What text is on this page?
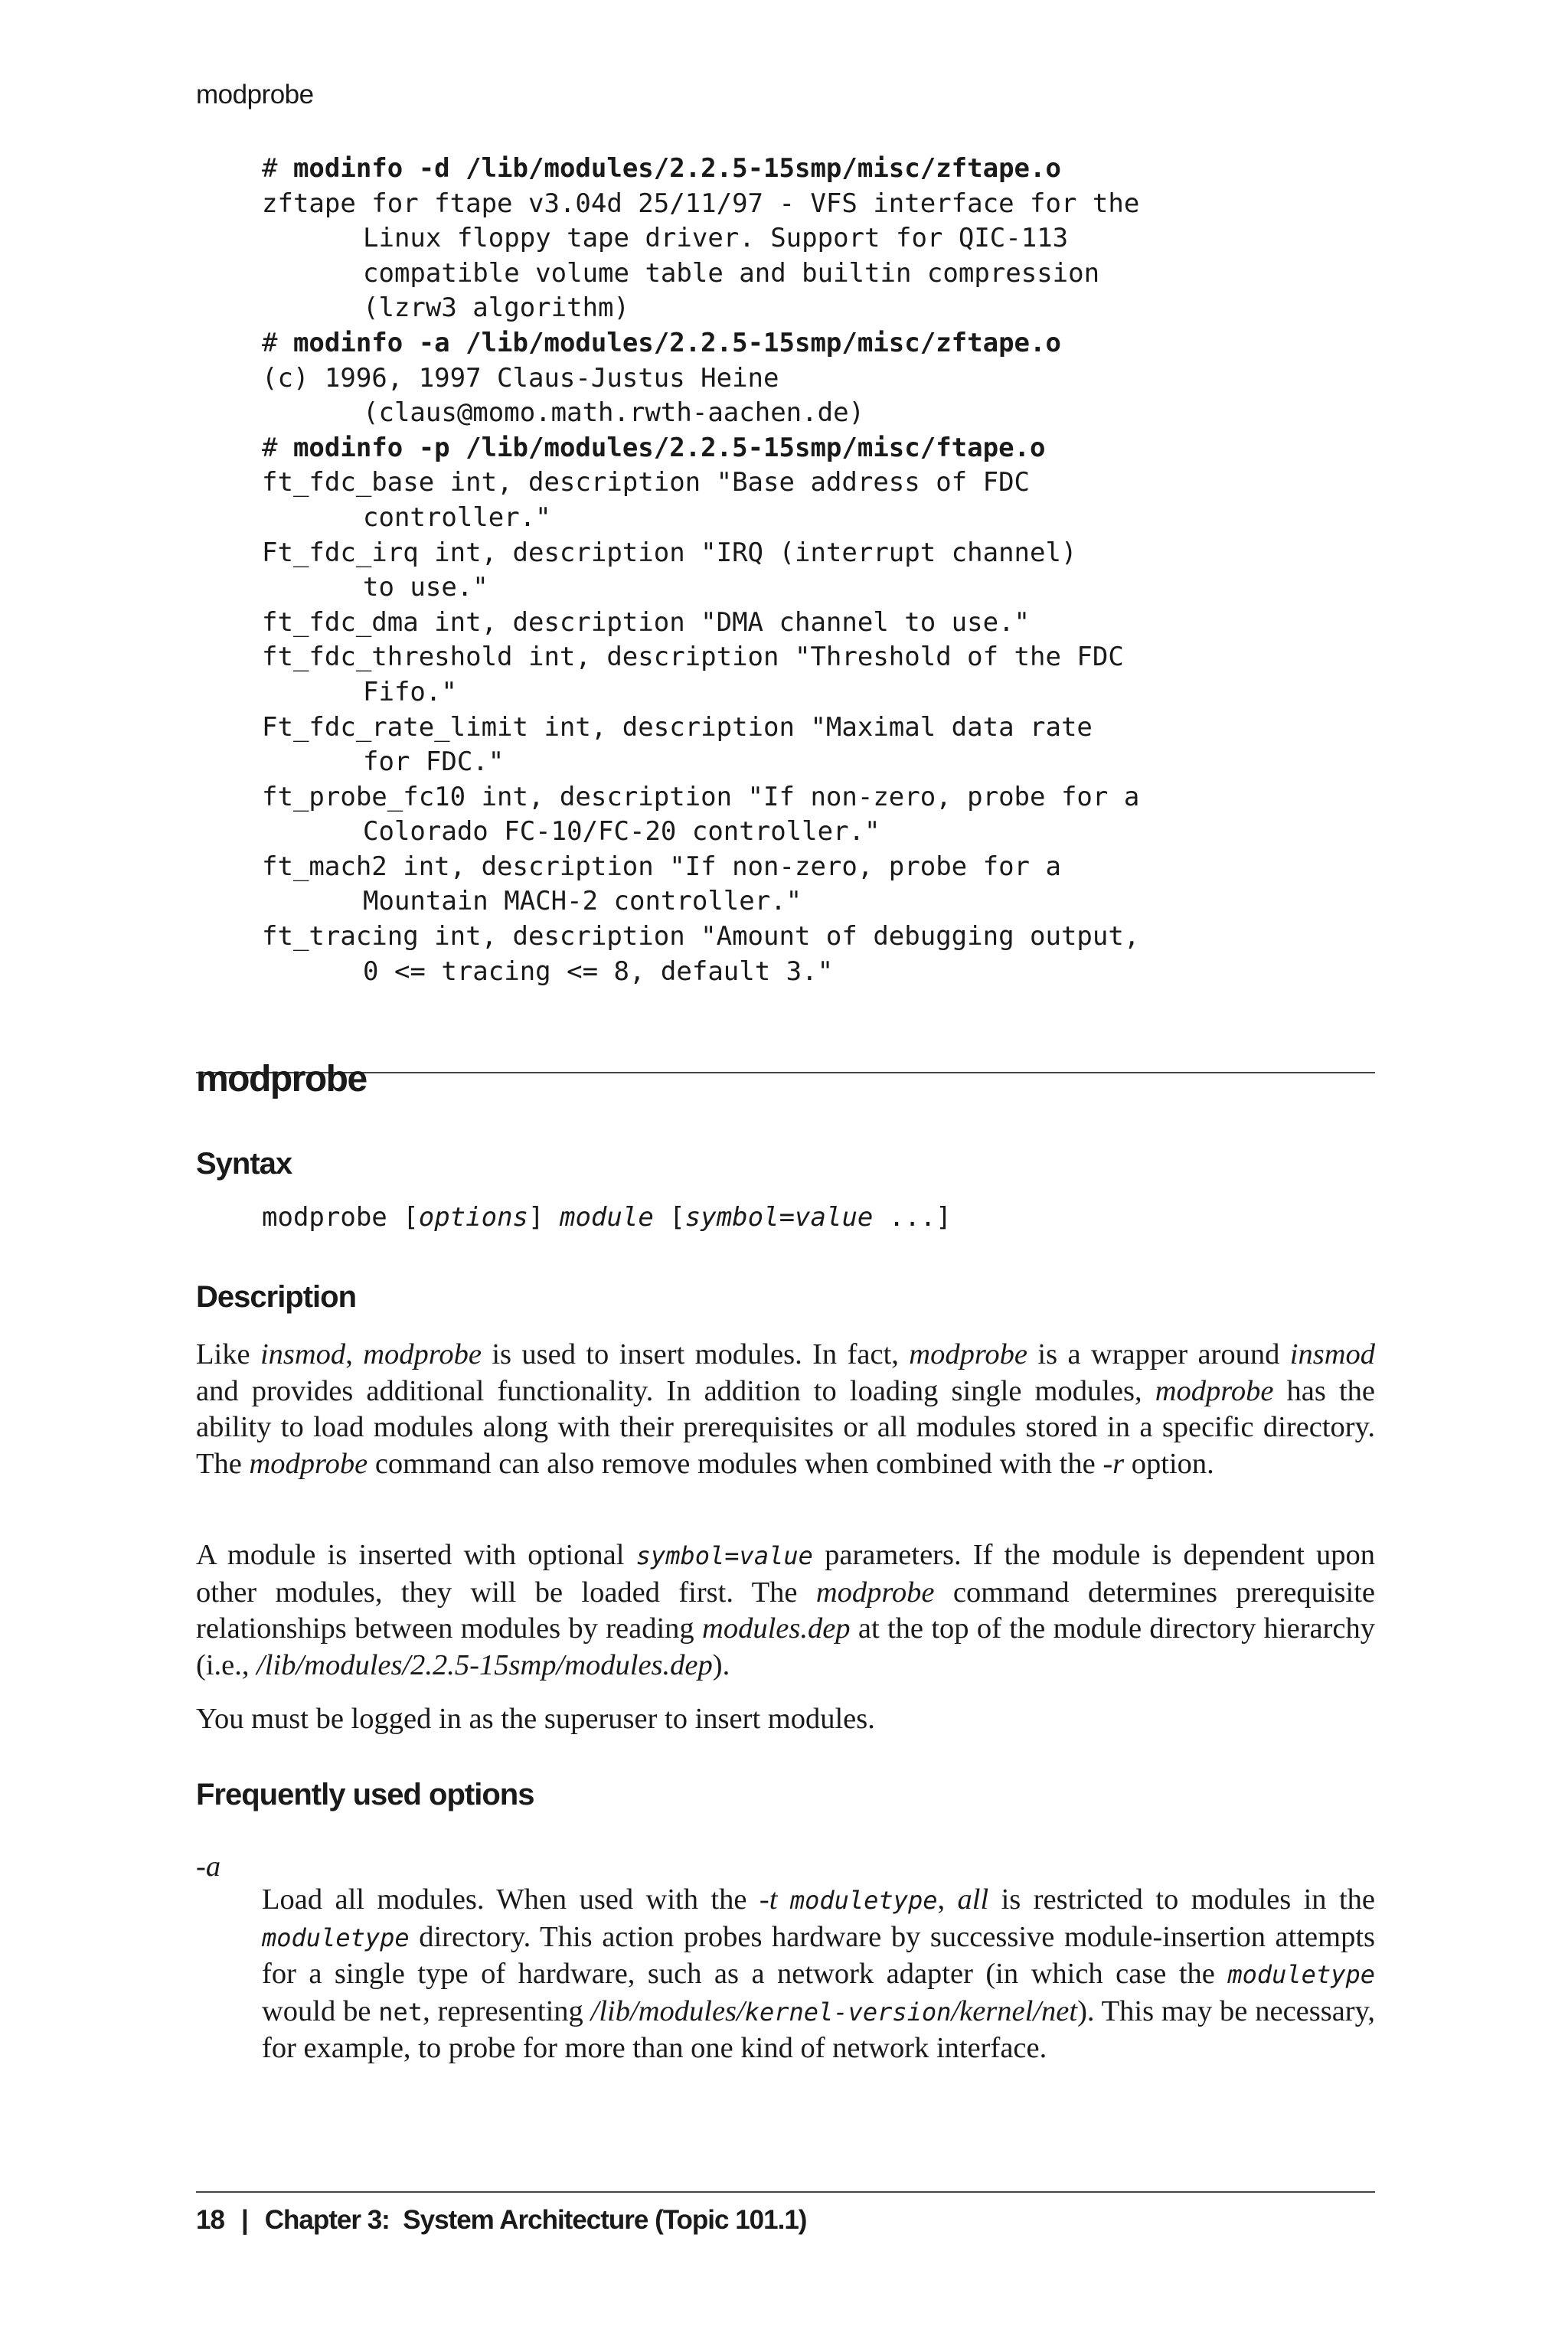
modprobe
# modinfo -d /lib/modules/2.2.5-15smp/misc/zftape.o
zftape for ftape v3.04d 25/11/97 - VFS interface for the
Linux floppy tape driver. Support for QIC-113
compatible volume table and builtin compression
(lzrw3 algorithm)
# modinfo -a /lib/modules/2.2.5-15smp/misc/zftape.o
(c) 1996, 1997 Claus-Justus Heine
(claus@momo.math.rwth-aachen.de)
# modinfo -p /lib/modules/2.2.5-15smp/misc/ftape.o
ft_fdc_base int, description "Base address of FDC
controller."
Ft_fdc_irq int, description "IRQ (interrupt channel)
to use."
ft_fdc_dma int, description "DMA channel to use."
ft_fdc_threshold int, description "Threshold of the FDC
Fifo."
Ft_fdc_rate_limit int, description "Maximal data rate
for FDC."
ft_probe_fc10 int, description "If non-zero, probe for a
Colorado FC-10/FC-20 controller."
ft_mach2 int, description "If non-zero, probe for a
Mountain MACH-2 controller."
ft_tracing int, description "Amount of debugging output,
0 <= tracing <= 8, default 3."
modprobe
Syntax
modprobe [options] module [symbol=value ...]
Description
Like insmod, modprobe is used to insert modules. In fact, modprobe is a wrapper around insmod and provides additional functionality. In addition to loading single modules, modprobe has the ability to load modules along with their prerequisites or all modules stored in a specific directory. The modprobe command can also remove modules when combined with the -r option.
A module is inserted with optional symbol=value parameters. If the module is dependent upon other modules, they will be loaded first. The modprobe command determines prerequisite relationships between modules by reading modules.dep at the top of the module directory hierarchy (i.e., /lib/modules/2.2.5-15smp/modules.dep).
You must be logged in as the superuser to insert modules.
Frequently used options
-a
Load all modules. When used with the -t moduletype, all is restricted to modules in the moduletype directory. This action probes hardware by successive module-insertion attempts for a single type of hardware, such as a network adapter (in which case the moduletype would be net, representing /lib/modules/kernel-version/kernel/net). This may be necessary, for example, to probe for more than one kind of network interface.
18 | Chapter 3:  System Architecture (Topic 101.1)
